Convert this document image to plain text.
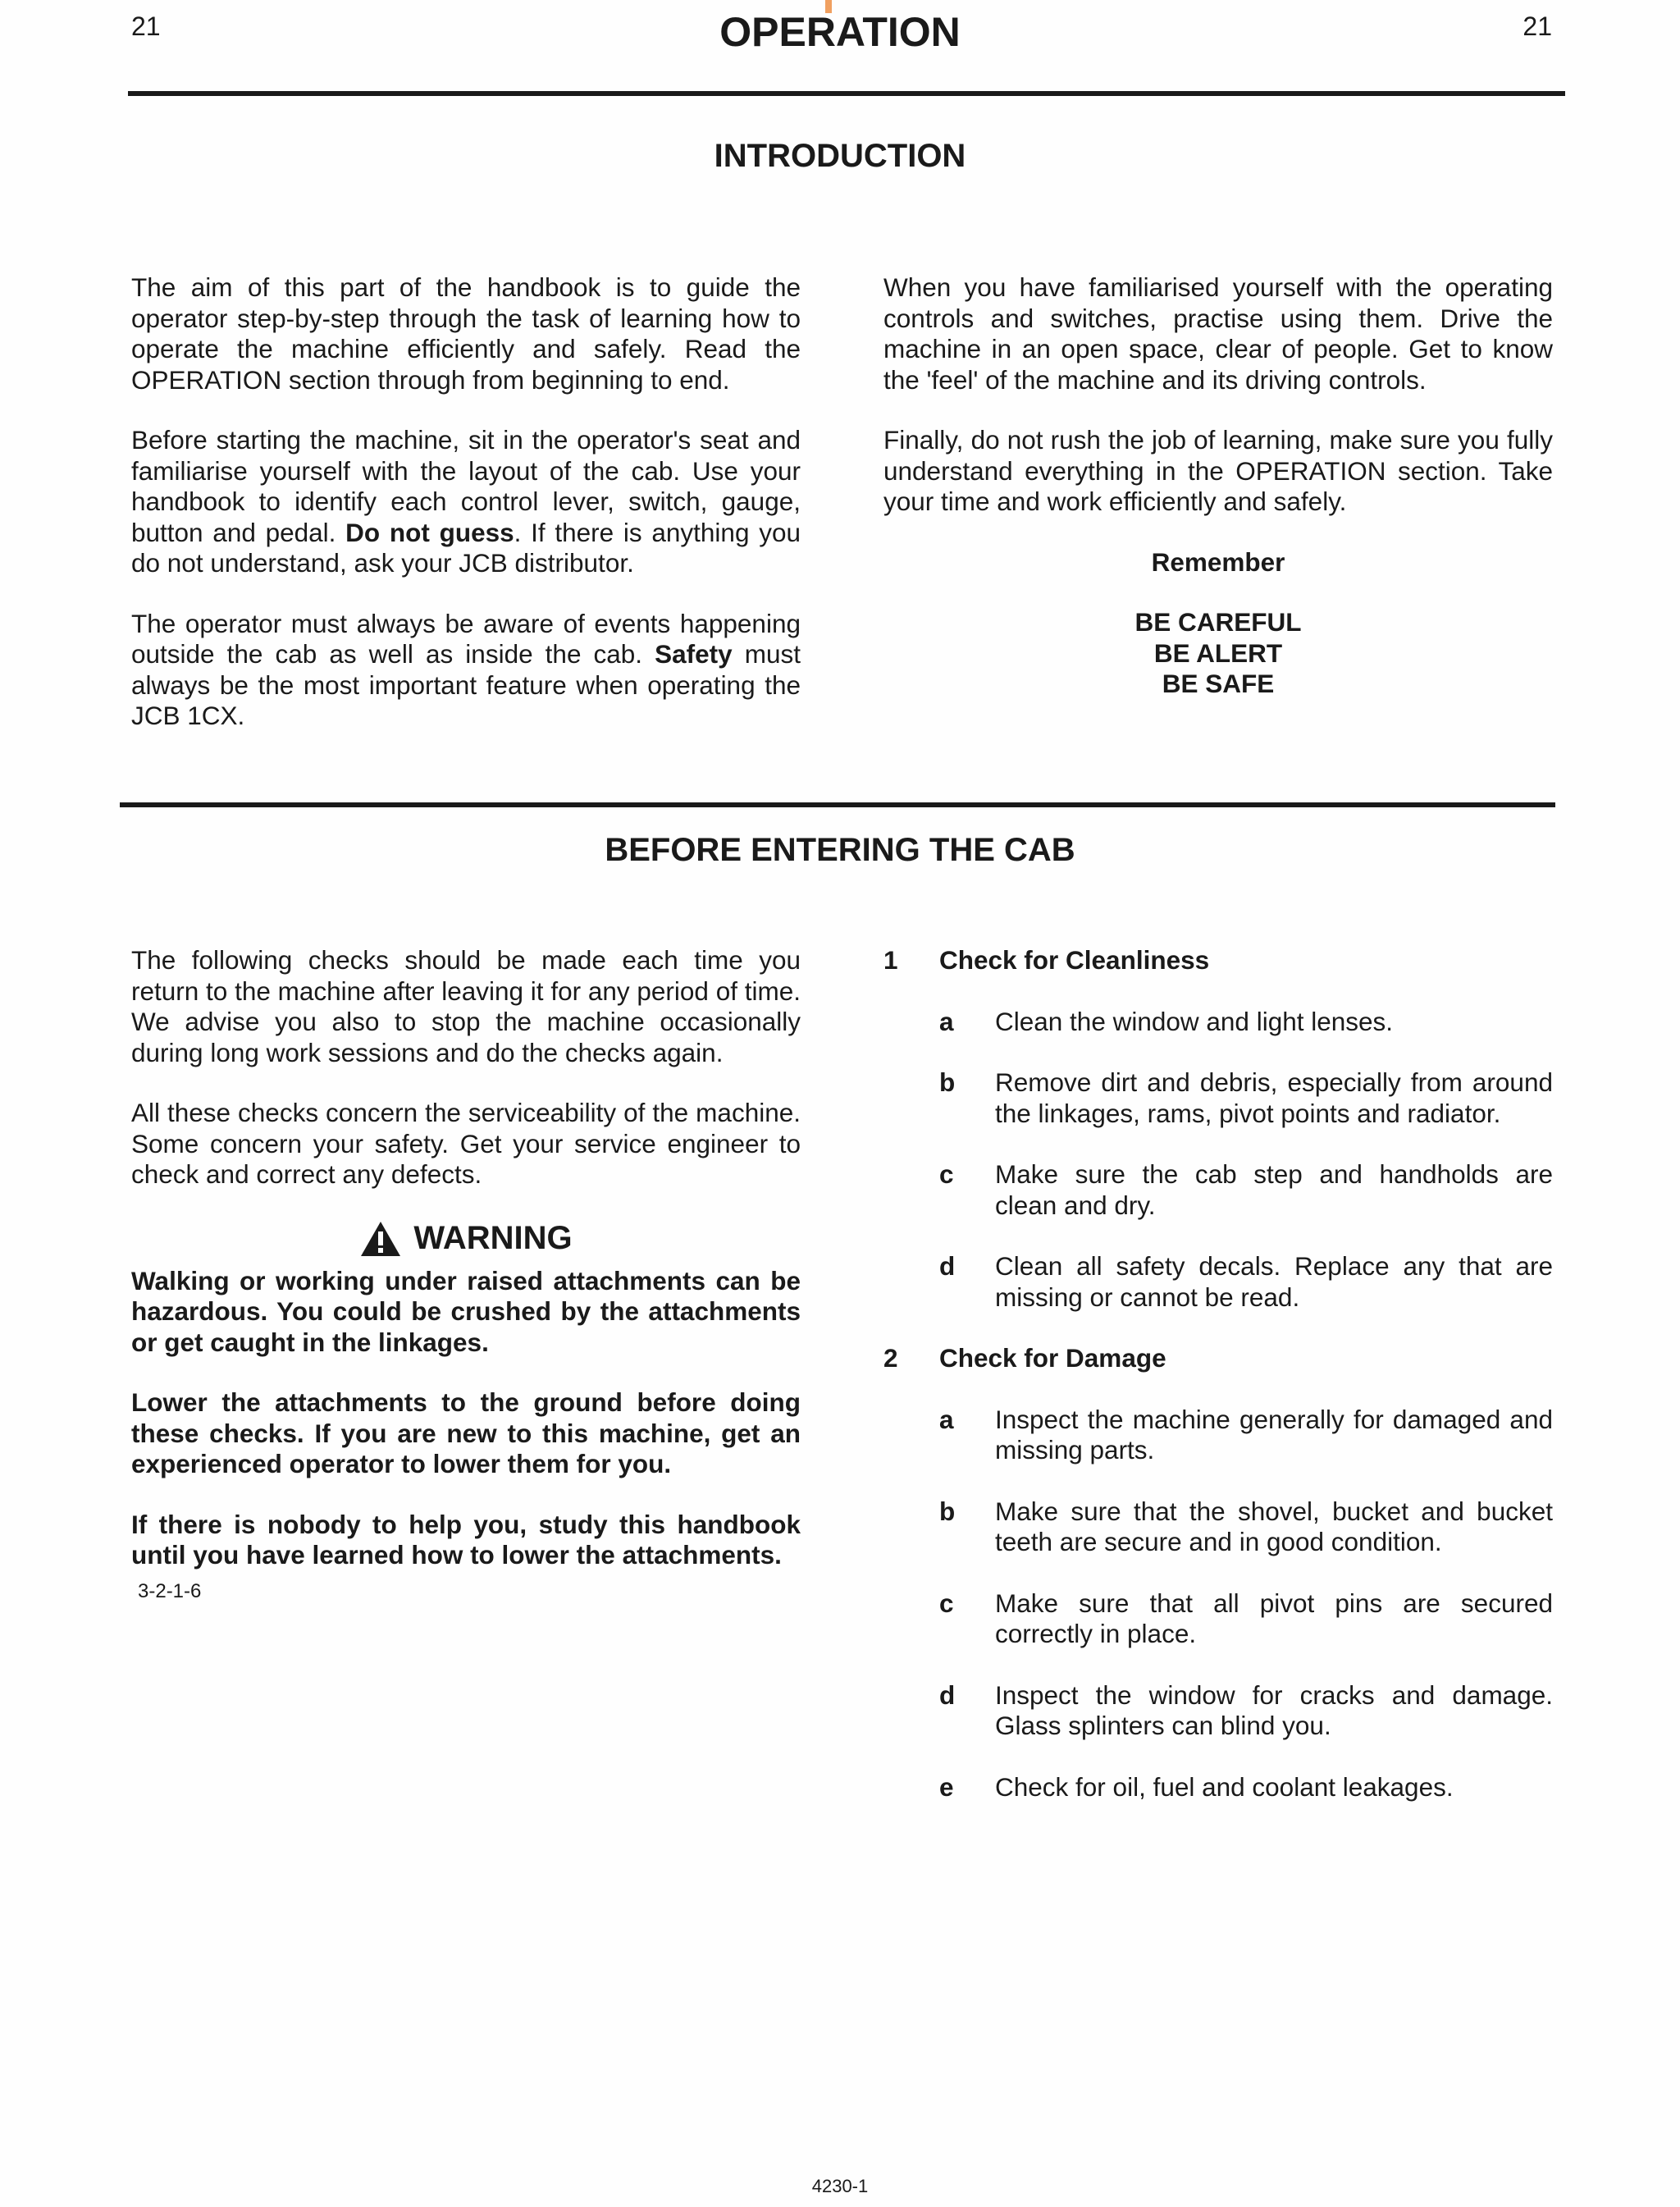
21	OPERATION	21
INTRODUCTION

The aim of this part of the handbook is to guide the operator step-by-step through the task of learning how to operate the machine efficiently and safely. Read the OPERATION section through from beginning to end.

Before starting the machine, sit in the operator's seat and familiarise yourself with the layout of the cab. Use your handbook to identify each control lever, switch, gauge, button and pedal. Do not guess. If there is anything you do not understand, ask your JCB distributor.

The operator must always be aware of events happening outside the cab as well as inside the cab. Safety must always be the most important feature when operating the JCB 1CX.

When you have familiarised yourself with the operating controls and switches, practise using them. Drive the machine in an open space, clear of people. Get to know the 'feel' of the machine and its driving controls.

Finally, do not rush the job of learning, make sure you fully understand everything in the OPERATION section. Take your time and work efficiently and safely.

Remember

BE CAREFUL

BE ALERT

BE SAFE

BEFORE ENTERING THE CAB

The following checks should be made each time you return to the machine after leaving it for any period of time. We advise you also to stop the machine occasionally during long work sessions and do the checks again.

All these checks concern the serviceability of the machine. Some concern your safety. Get your service engineer to check and correct any defects.

WARNING

Walking or working under raised attachments can be hazardous. You could be crushed by the attachments or get caught in the linkages.

Lower the attachments to the ground before doing these checks. If you are new to this machine, get an experienced operator to lower them for you.

If there is nobody to help you, study this handbook until you have learned how to lower the attachments.

3-2-1-6
1	Check for Cleanliness
a	Clean the window and light lenses.
b	Remove dirt and debris, especially from around the linkages, rams, pivot points and radiator.
c	Make sure the cab step and handholds are clean and dry.
d	Clean all safety decals. Replace any that are missing or cannot be read.
2	Check for Damage
a	Inspect the machine generally for damaged and missing parts.
b	Make sure that the shovel, bucket and bucket teeth are secure and in good condition.
c	Make sure that all pivot pins are secured correctly in place.
d	Inspect the window for cracks and damage. Glass splinters can blind you.
e	Check for oil, fuel and coolant leakages.
4230-1
